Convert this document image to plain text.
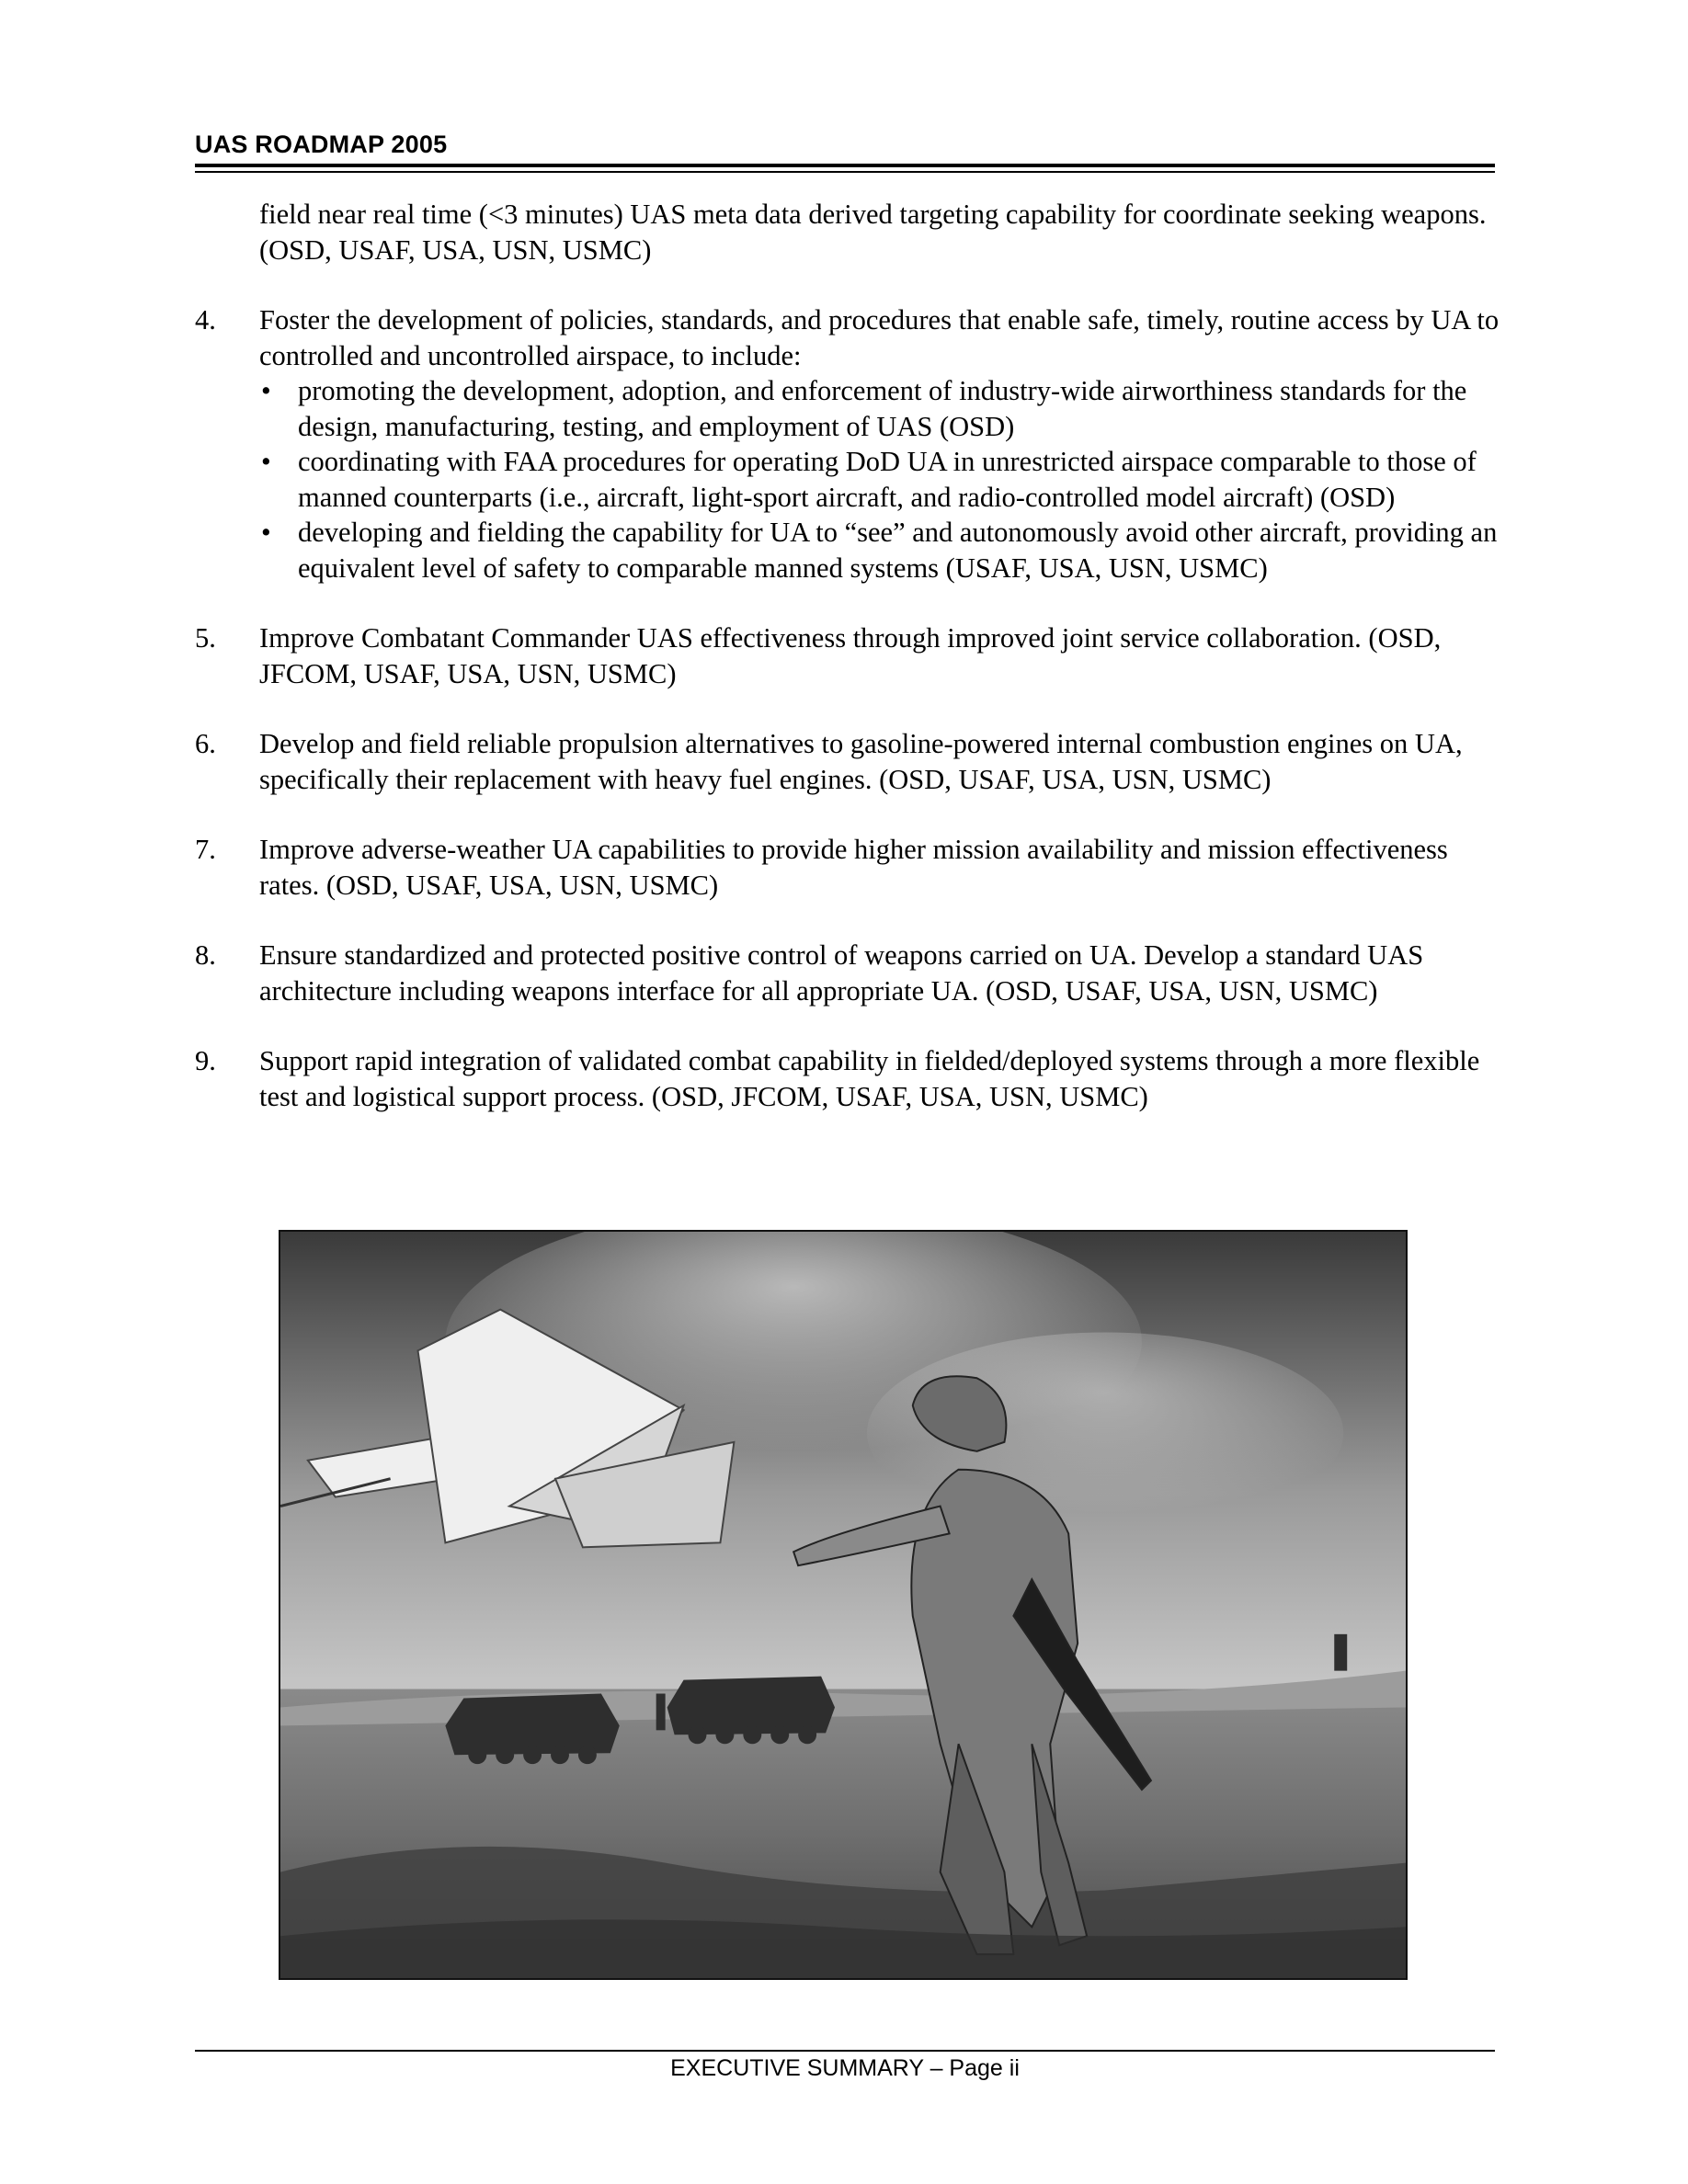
UAS ROADMAP 2005
field near real time (<3 minutes) UAS meta data derived targeting capability for coordinate seeking weapons. (OSD, USAF, USA, USN, USMC)
4.	Foster the development of policies, standards, and procedures that enable safe, timely, routine access by UA to controlled and uncontrolled airspace, to include:
• promoting the development, adoption, and enforcement of industry-wide airworthiness standards for the design, manufacturing, testing, and employment of UAS (OSD)
• coordinating with FAA procedures for operating DoD UA in unrestricted airspace comparable to those of manned counterparts (i.e., aircraft, light-sport aircraft, and radio-controlled model aircraft) (OSD)
• developing and fielding the capability for UA to “see” and autonomously avoid other aircraft, providing an equivalent level of safety to comparable manned systems (USAF, USA, USN, USMC)
5.	Improve Combatant Commander UAS effectiveness through improved joint service collaboration. (OSD, JFCOM, USAF, USA, USN, USMC)
6.	Develop and field reliable propulsion alternatives to gasoline-powered internal combustion engines on UA, specifically their replacement with heavy fuel engines. (OSD, USAF, USA, USN, USMC)
7.	Improve adverse-weather UA capabilities to provide higher mission availability and mission effectiveness rates. (OSD, USAF, USA, USN, USMC)
8.	Ensure standardized and protected positive control of weapons carried on UA. Develop a standard UAS architecture including weapons interface for all appropriate UA. (OSD, USAF, USA, USN, USMC)
9.	Support rapid integration of validated combat capability in fielded/deployed systems through a more flexible test and logistical support process. (OSD, JFCOM, USAF, USA, USN, USMC)
EXECUTIVE SUMMARY – Page ii
